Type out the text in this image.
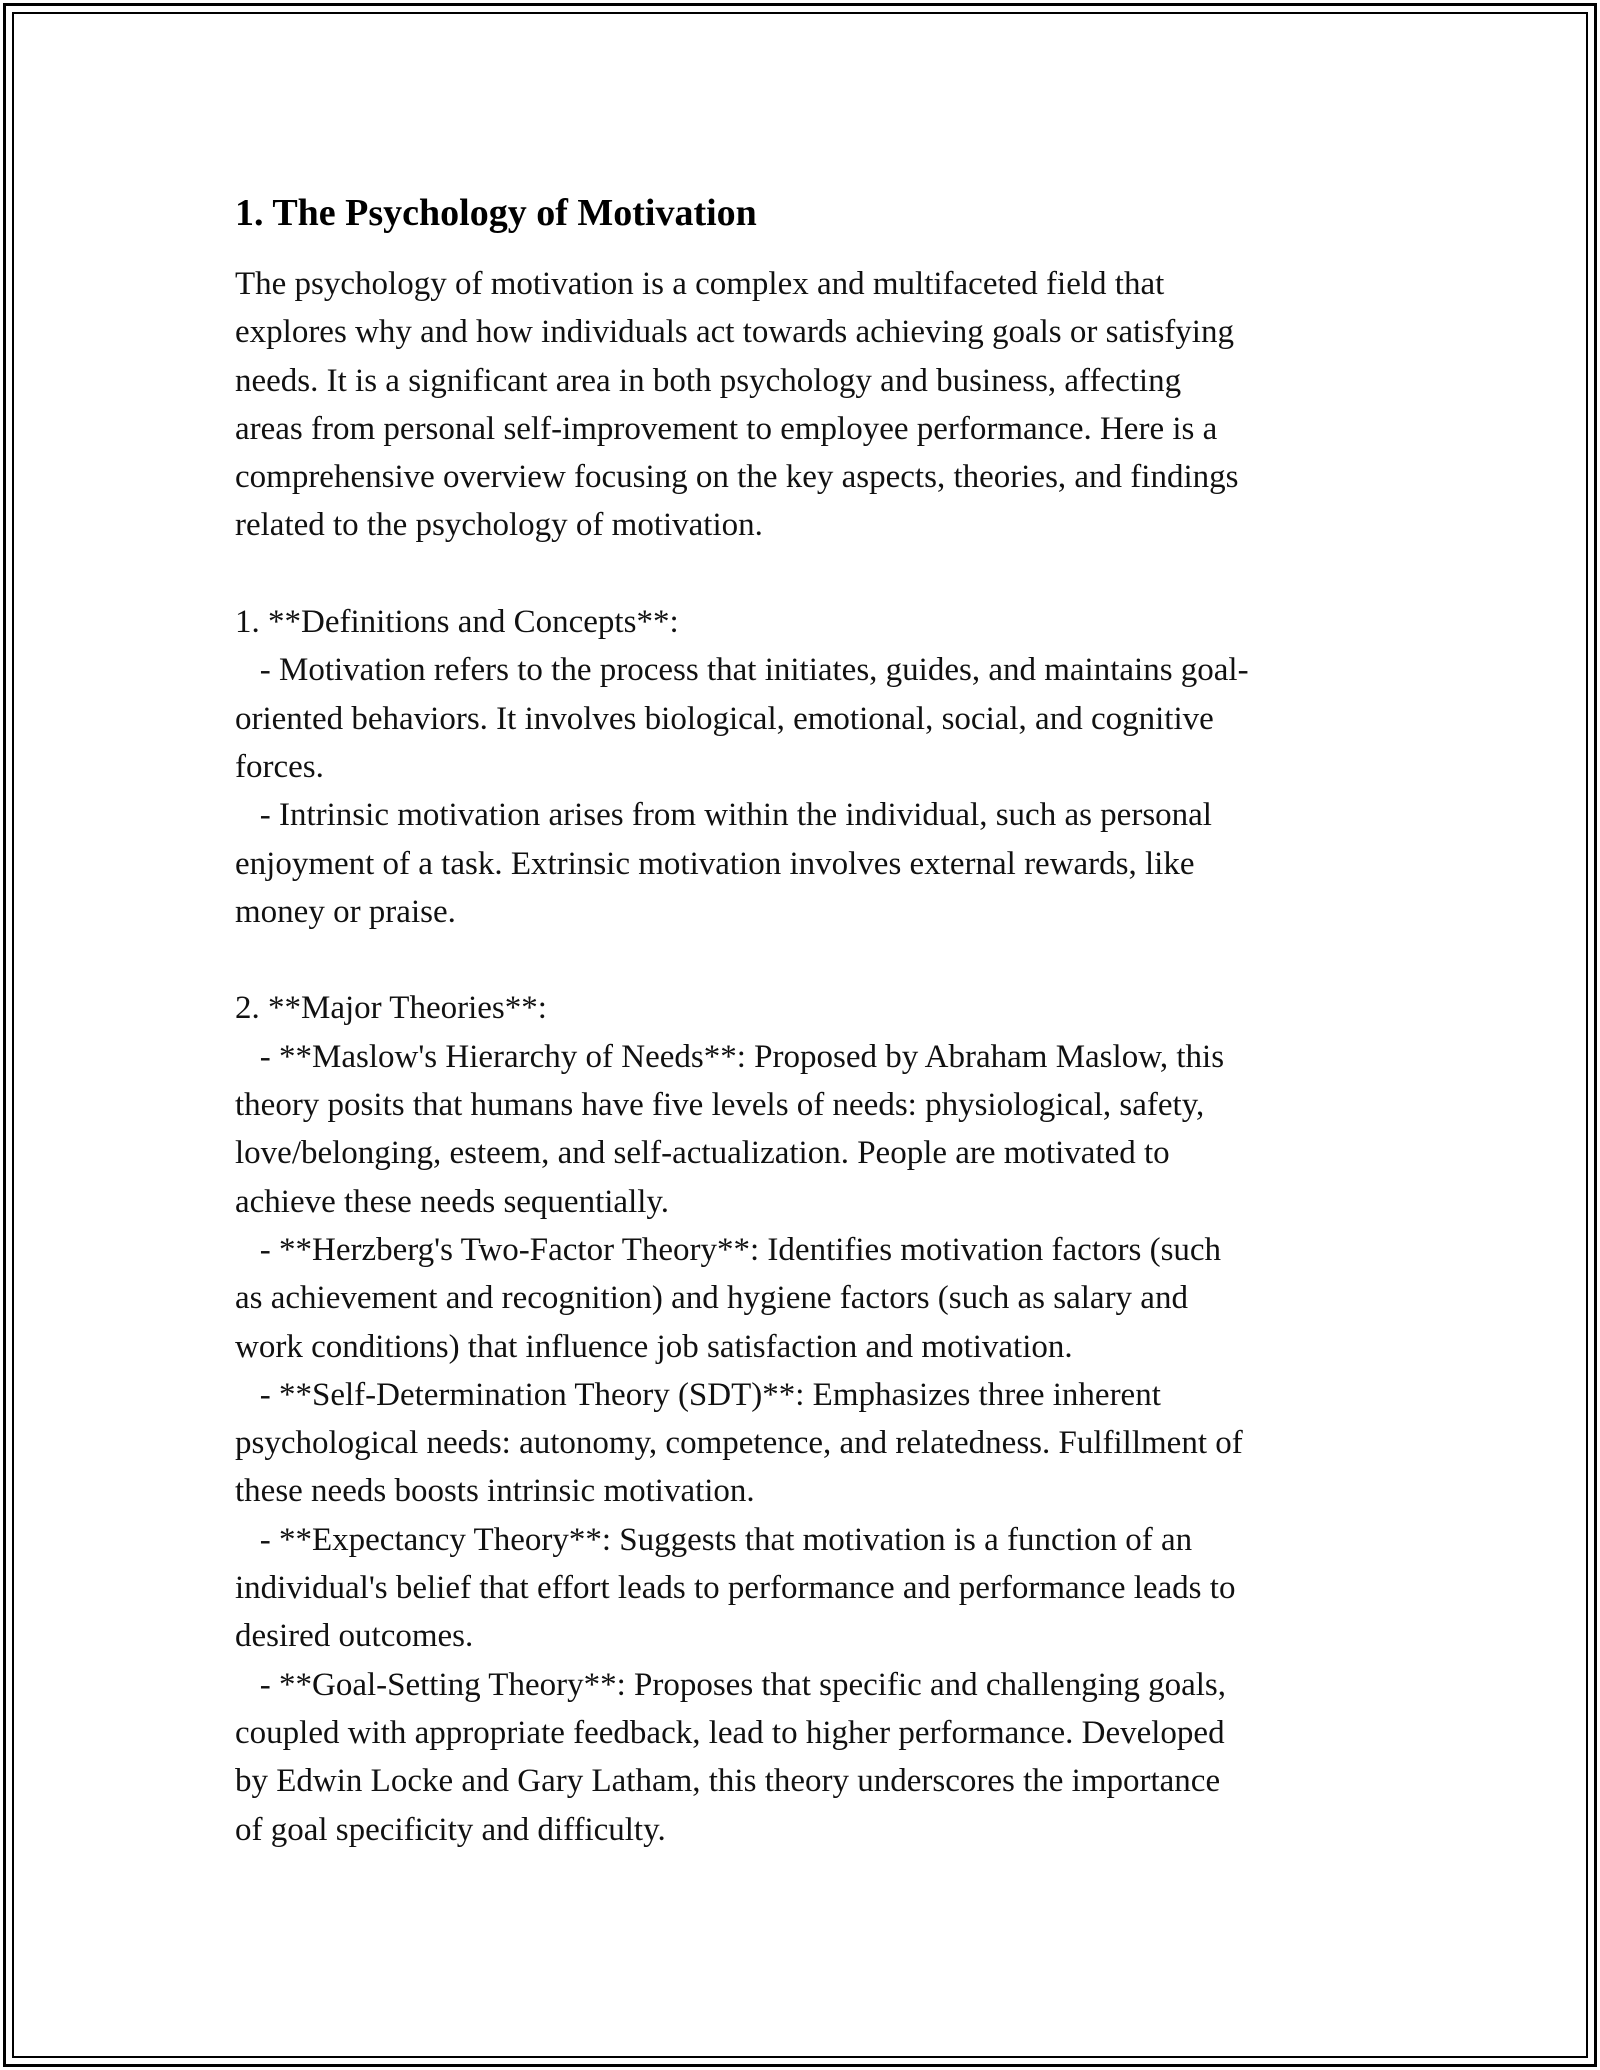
1. The Psychology of Motivation

The psychology of motivation is a complex and multifaceted field that
explores why and how individuals act towards achieving goals or satisfying
needs. It is a significant area in both psychology and business, affecting
areas from personal self-improvement to employee performance. Here is a
comprehensive overview focusing on the key aspects, theories, and findings
related to the psychology of motivation.

1. **Definitions and Concepts**:
- Motivation refers to the process that initiates, guides, and maintains goal-
oriented behaviors. It involves biological, emotional, social, and cognitive
forces.
- Intrinsic motivation arises from within the individual, such as personal
enjoyment of a task. Extrinsic motivation involves external rewards, like
money or praise.

2. **Major Theories**:
- **Maslow's Hierarchy of Needs**: Proposed by Abraham Maslow, this
theory posits that humans have five levels of needs: physiological, safety,
love/belonging, esteem, and self-actualization. People are motivated to
achieve these needs sequentially.
- **Herzberg's Two-Factor Theory**: Identifies motivation factors (such
as achievement and recognition) and hygiene factors (such as salary and
work conditions) that influence job satisfaction and motivation.
- **Self-Determination Theory (SDT)**: Emphasizes three inherent
psychological needs: autonomy, competence, and relatedness. Fulfillment of
these needs boosts intrinsic motivation.
- **Expectancy Theory**: Suggests that motivation is a function of an
individual's belief that effort leads to performance and performance leads to
desired outcomes.
- **Goal-Setting Theory**: Proposes that specific and challenging goals,
coupled with appropriate feedback, lead to higher performance. Developed
by Edwin Locke and Gary Latham, this theory underscores the importance
of goal specificity and difficulty.
